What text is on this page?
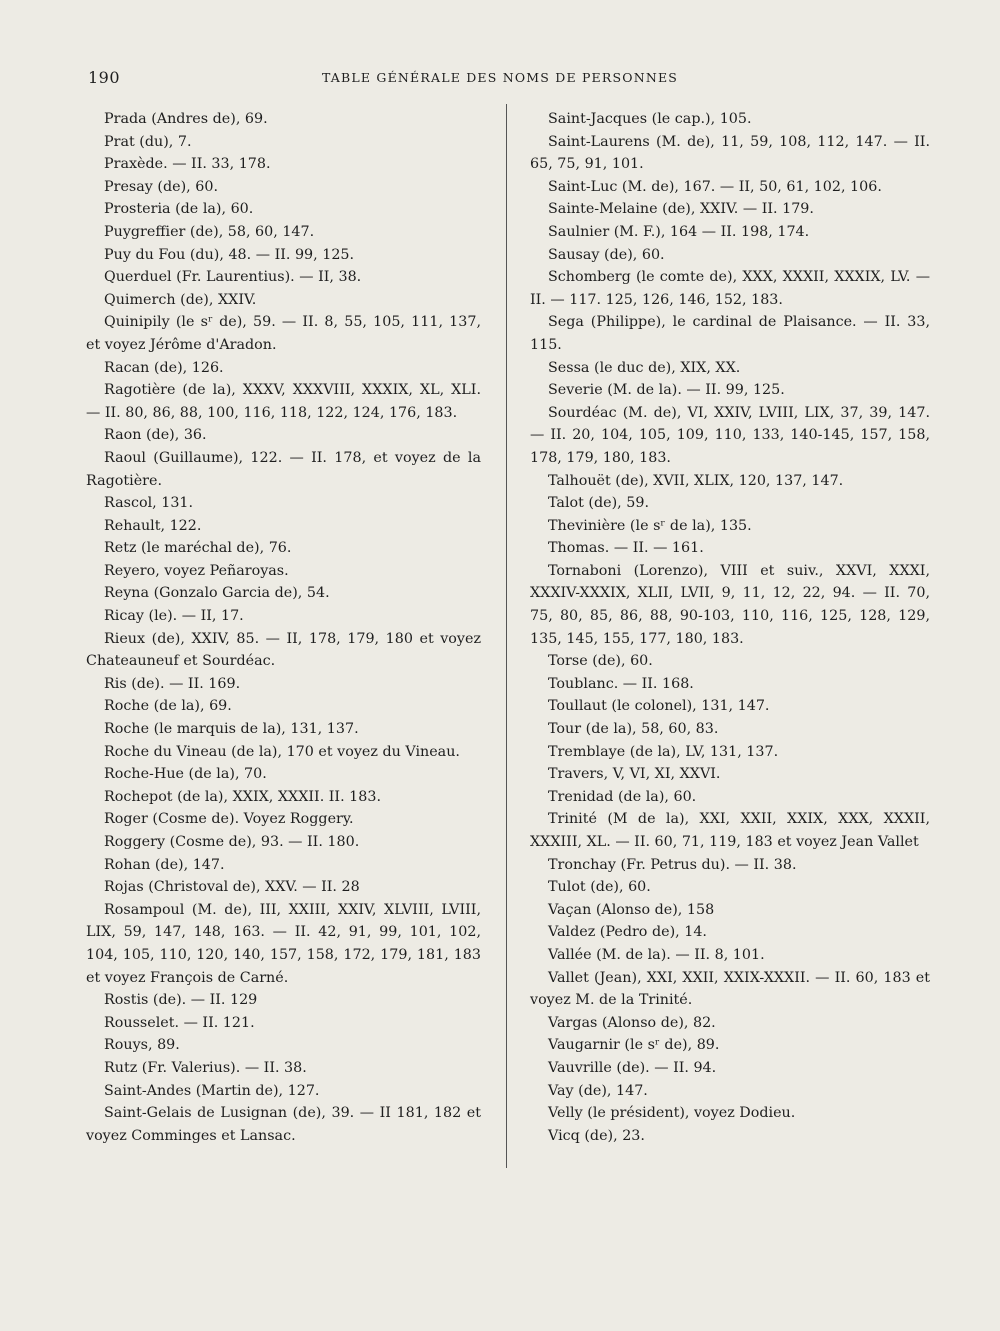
190	TABLE GÉNÉRALE DES NOMS DE PERSONNES
Prada (Andres de), 69.
Prat (du), 7.
Praxède. — II. 33, 178.
Presay (de), 60.
Prosteria (de la), 60.
Puygreffier (de), 58, 60, 147.
Puy du Fou (du), 48. — II. 99, 125.
Querduel (Fr. Laurentius). — II, 38.
Quimerch (de), XXIV.
Quinipily (le sʳ de), 59. — II. 8, 55, 105, 111, 137, et voyez Jérôme d'Aradon.
Racan (de), 126.
Ragotière (de la), XXXV, XXXVIII, XXXIX, XL, XLI. — II. 80, 86, 88, 100, 116, 118, 122, 124, 176, 183.
Raon (de), 36.
Raoul (Guillaume), 122. — II. 178, et voyez de la Ragotière.
Rascol, 131.
Rehault, 122.
Retz (le maréchal de), 76.
Reyero, voyez Peñaroyas.
Reyna (Gonzalo Garcia de), 54.
Ricay (le). — II, 17.
Rieux (de), XXIV, 85. — II, 178, 179, 180 et voyez Chateauneuf et Sourdéac.
Ris (de). — II. 169.
Roche (de la), 69.
Roche (le marquis de la), 131, 137.
Roche du Vineau (de la), 170 et voyez du Vineau.
Roche-Hue (de la), 70.
Rochepot (de la), XXIX, XXXII. II. 183.
Roger (Cosme de). Voyez Roggery.
Roggery (Cosme de), 93. — II. 180.
Rohan (de), 147.
Rojas (Christoval de), XXV. — II. 28
Rosampoul (M. de), III, XXIII, XXIV, XLVIII, LVIII, LIX, 59, 147, 148, 163. — II. 42, 91, 99, 101, 102, 104, 105, 110, 120, 140, 157, 158, 172, 179, 181, 183 et voyez François de Carné.
Rostis (de). — II. 129
Rousselet. — II. 121.
Rouys, 89.
Rutz (Fr. Valerius). — II. 38.
Saint-Andes (Martin de), 127.
Saint-Gelais de Lusignan (de), 39. — II 181, 182 et voyez Comminges et Lansac.
Saint-Jacques (le cap.), 105.
Saint-Laurens (M. de), 11, 59, 108, 112, 147. — II. 65, 75, 91, 101.
Saint-Luc (M. de), 167. — II, 50, 61, 102, 106.
Sainte-Melaine (de), XXIV. — II. 179.
Saulnier (M. F.), 164 — II. 198, 174.
Sausay (de), 60.
Schomberg (le comte de), XXX, XXXII, XXXIX, LV. — II. — 117. 125, 126, 146, 152, 183.
Sega (Philippe), le cardinal de Plaisance. — II. 33, 115.
Sessa (le duc de), XIX, XX.
Severie (M. de la). — II. 99, 125.
Sourdéac (M. de), VI, XXIV, LVIII, LIX, 37, 39, 147. — II. 20, 104, 105, 109, 110, 133, 140-145, 157, 158, 178, 179, 180, 183.
Talhouët (de), XVII, XLIX, 120, 137, 147.
Talot (de), 59.
Thevinière (le sʳ de la), 135.
Thomas. — II. — 161.
Tornaboni (Lorenzo), VIII et suiv., XXVI, XXXI, XXXIV-XXXIX, XLII, LVII, 9, 11, 12, 22, 94. — II. 70, 75, 80, 85, 86, 88, 90-103, 110, 116, 125, 128, 129, 135, 145, 155, 177, 180, 183.
Torse (de), 60.
Toublanc. — II. 168.
Toullaut (le colonel), 131, 147.
Tour (de la), 58, 60, 83.
Tremblaye (de la), LV, 131, 137.
Travers, V, VI, XI, XXVI.
Trenidad (de la), 60.
Trinité (M de la), XXI, XXII, XXIX, XXX, XXXII, XXXIII, XL. — II. 60, 71, 119, 183 et voyez Jean Vallet
Tronchay (Fr. Petrus du). — II. 38.
Tulot (de), 60.
Vaçan (Alonso de), 158
Valdez (Pedro de), 14.
Vallée (M. de la). — II. 8, 101.
Vallet (Jean), XXI, XXII, XXIX-XXXII. — II. 60, 183 et voyez M. de la Trinité.
Vargas (Alonso de), 82.
Vaugarnir (le sʳ de), 89.
Vauvrille (de). — II. 94.
Vay (de), 147.
Velly (le président), voyez Dodieu.
Vicq (de), 23.
